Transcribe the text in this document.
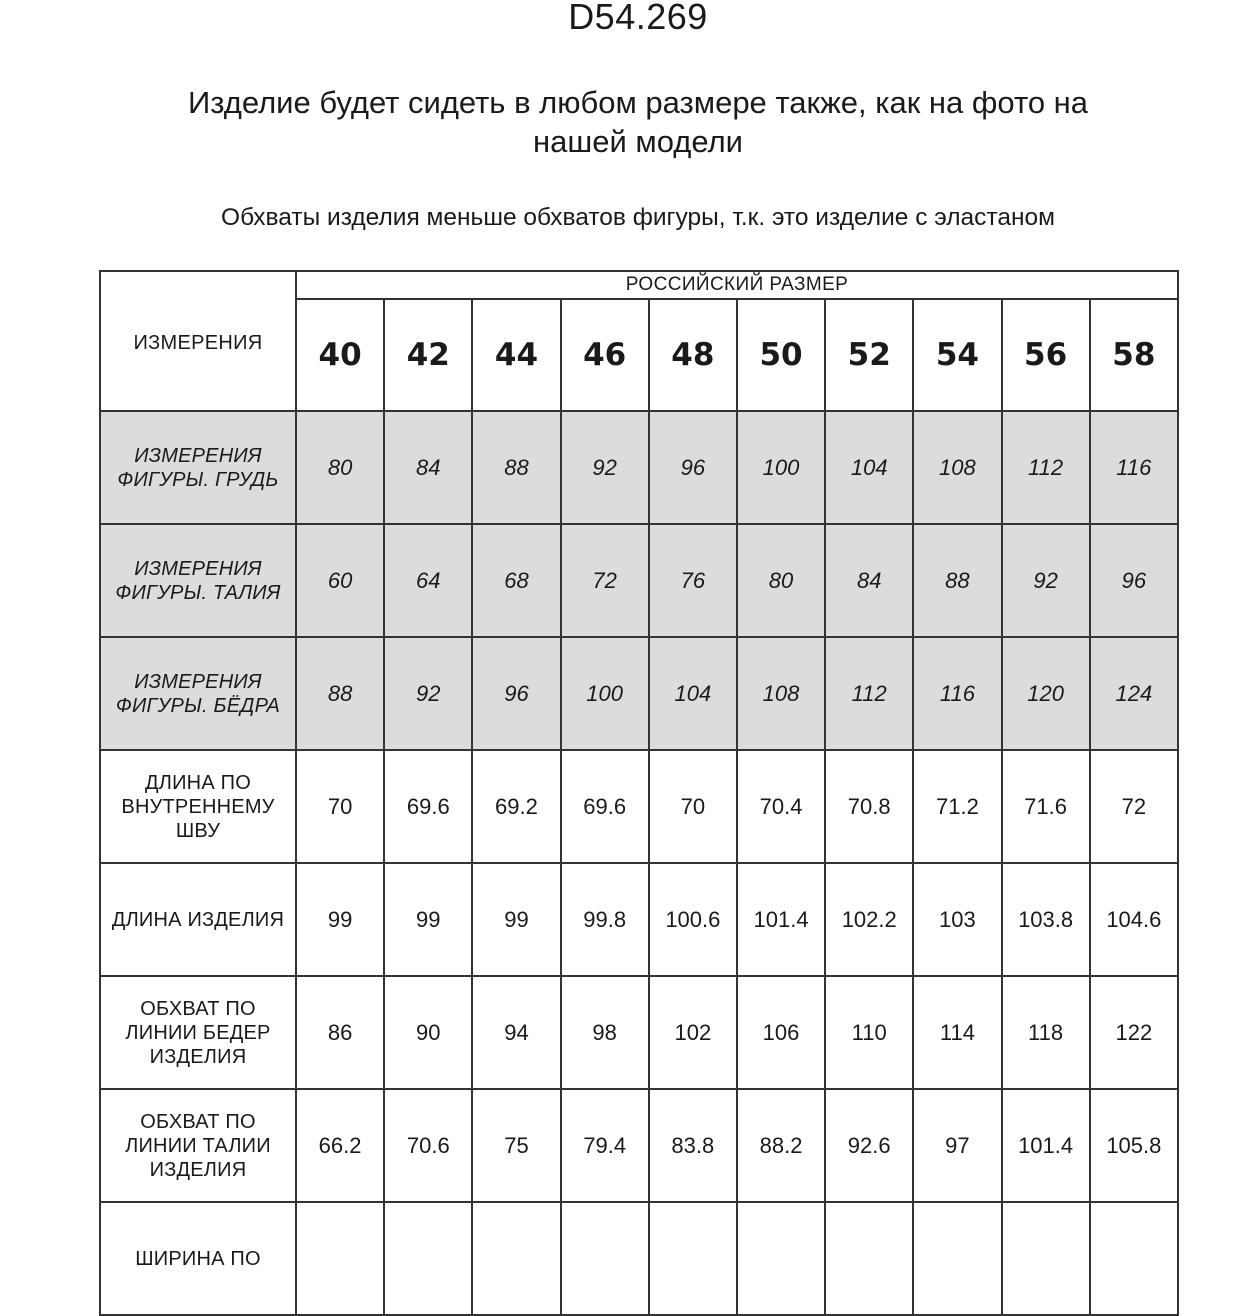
D54.269
Изделие будет сидеть в любом размере также, как на фото на
нашей модели
Обхваты изделия меньше обхватов фигуры, т.к. это изделие с эластаном
ИЗМЕРЕНИЯ	РОССИЙСКИЙ РАЗМЕР									
	40	42	44	46	48	50	52	54	56	58

ИЗМЕРЕНИЯ
ФИГУРЫ. ГРУДЬ	80	84	88	92	96	100	104	108	112	116

ИЗМЕРЕНИЯ
ФИГУРЫ. ТАЛИЯ	60	64	68	72	76	80	84	88	92	96

ИЗМЕРЕНИЯ
ФИГУРЫ. БЁДРА	88	92	96	100	104	108	112	116	120	124

ДЛИНА ПО
ВНУТРЕННЕМУ
ШВУ	70	69.6	69.2	69.6	70	70.4	70.8	71.2	71.6	72

ДЛИНА ИЗДЕЛИЯ	99	99	99	99.8	100.6	101.4	102.2	103	103.8	104.6

ОБХВАТ ПО
ЛИНИИ БЕДЕР
ИЗДЕЛИЯ	86	90	94	98	102	106	110	114	118	122

ОБХВАТ ПО
ЛИНИИ ТАЛИИ
ИЗДЕЛИЯ	66.2	70.6	75	79.4	83.8	88.2	92.6	97	101.4	105.8

ШИРИНА ПО										
